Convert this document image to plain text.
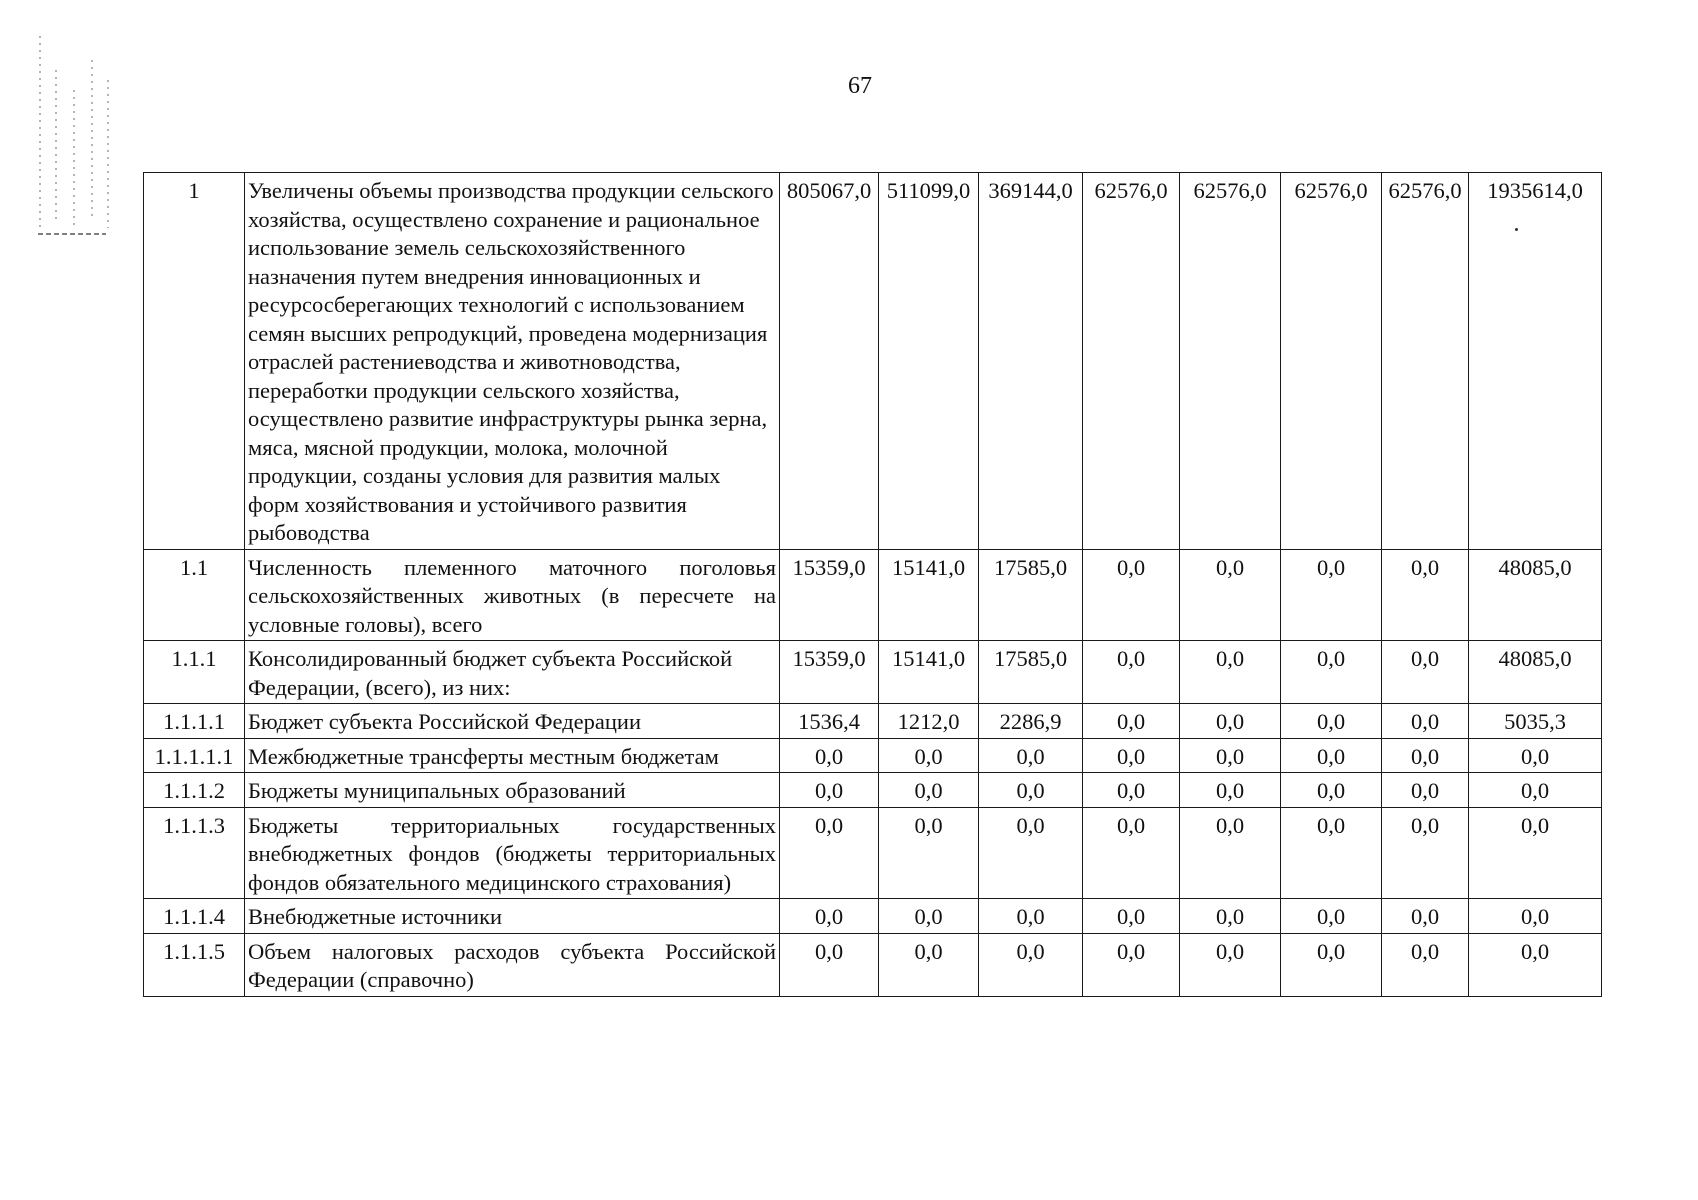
67
1	Увеличены объемы производства продукции сельского хозяйства, осуществлено сохранение и рациональное использование земель сельскохозяйственного назначения путем внедрения инновационных и ресурсосберегающих технологий с использованием семян высших репродукций, проведена модернизация отраслей растениеводства и животноводства, переработки продукции сельского хозяйства, осуществлено развитие инфраструктуры рынка зерна, мяса, мясной продукции, молока, молочной продукции, созданы условия для развития малых форм хозяйствования и устойчивого развития рыбоводства	805067,0	511099,0	369144,0	62576,0	62576,0	62576,0	62576,0	1935614,0
1.1	Численность племенного маточного поголовья сельскохозяйственных животных (в пересчете на условные головы), всего	15359,0	15141,0	17585,0	0,0	0,0	0,0	0,0	48085,0
1.1.1	Консолидированный бюджет субъекта Российской Федерации, (всего), из них:	15359,0	15141,0	17585,0	0,0	0,0	0,0	0,0	48085,0
1.1.1.1	Бюджет субъекта Российской Федерации	1536,4	1212,0	2286,9	0,0	0,0	0,0	0,0	5035,3
1.1.1.1.1	Межбюджетные трансферты местным бюджетам	0,0	0,0	0,0	0,0	0,0	0,0	0,0	0,0
1.1.1.2	Бюджеты муниципальных образований	0,0	0,0	0,0	0,0	0,0	0,0	0,0	0,0
1.1.1.3	Бюджеты территориальных государственных внебюджетных фондов (бюджеты территориальных фондов обязательного медицинского страхования)	0,0	0,0	0,0	0,0	0,0	0,0	0,0	0,0
1.1.1.4	Внебюджетные источники	0,0	0,0	0,0	0,0	0,0	0,0	0,0	0,0
1.1.1.5	Объем налоговых расходов субъекта Российской Федерации (справочно)	0,0	0,0	0,0	0,0	0,0	0,0	0,0	0,0
